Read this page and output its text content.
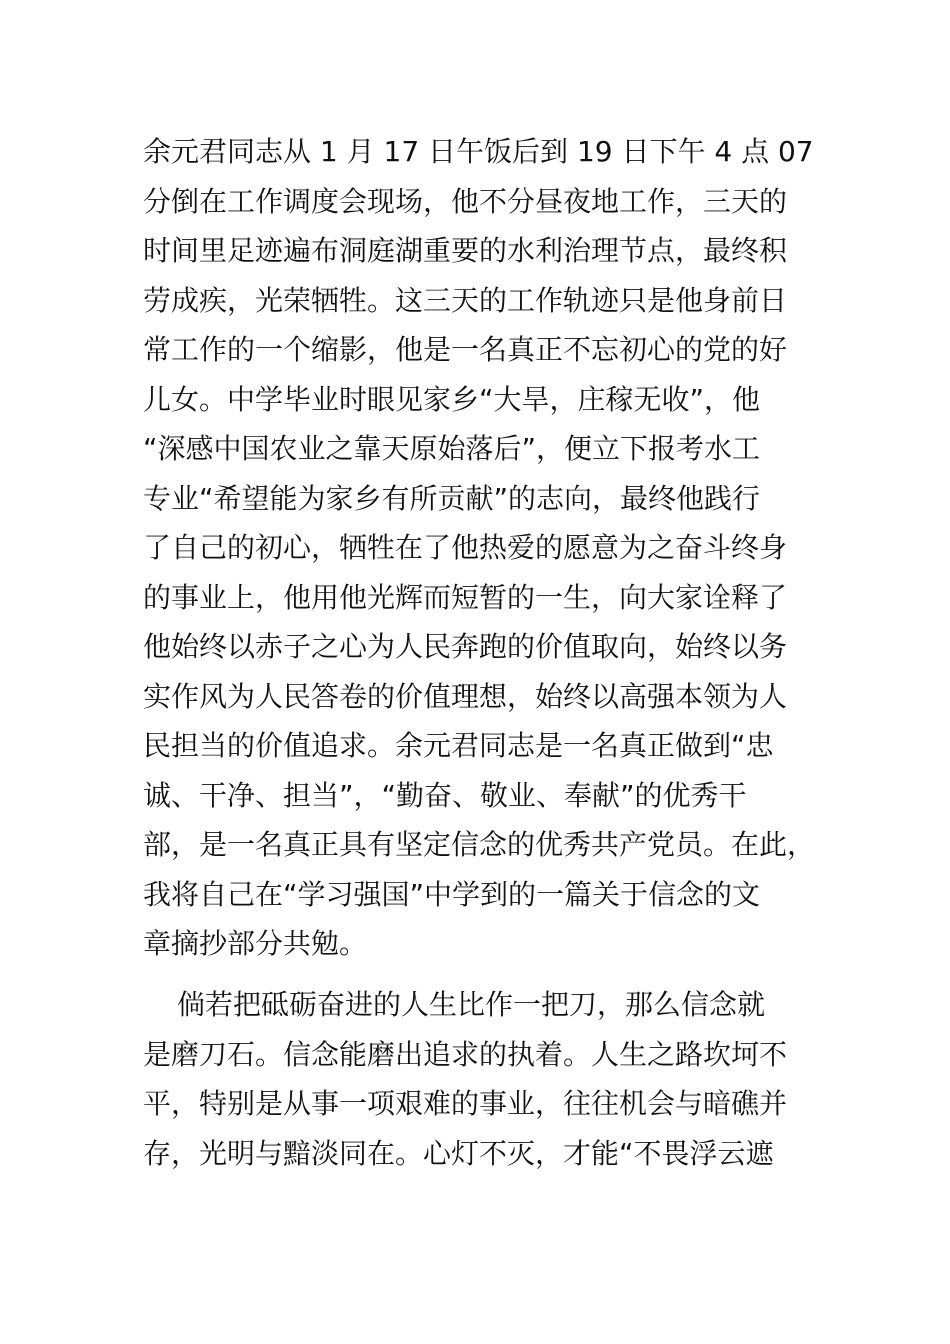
余元君同志从 1 月 17 日午饭后到 19 日下午 4 点 07
分倒在工作调度会现场，他不分昼夜地工作，三天的
时间里足迹遍布洞庭湖重要的水利治理节点，最终积
劳成疾，光荣牺牲。这三天的工作轨迹只是他身前日
常工作的一个缩影，他是一名真正不忘初心的党的好
儿女。中学毕业时眼见家乡“大旱，庄稼无收”，他
“深感中国农业之靠天原始落后”，便立下报考水工
专业“希望能为家乡有所贡献”的志向，最终他践行
了自己的初心，牺牲在了他热爱的愿意为之奋斗终身
的事业上，他用他光辉而短暂的一生，向大家诠释了
他始终以赤子之心为人民奔跑的价值取向，始终以务
实作风为人民答卷的价值理想，始终以高强本领为人
民担当的价值追求。余元君同志是一名真正做到“忠
诚、干净、担当”，“勤奋、敬业、奉献”的优秀干
部，是一名真正具有坚定信念的优秀共产党员。在此，
我将自己在“学习强国”中学到的一篇关于信念的文
章摘抄部分共勉。
倘若把砥砺奋进的人生比作一把刀，那么信念就
是磨刀石。信念能磨出追求的执着。人生之路坎坷不
平，特别是从事一项艰难的事业，往往机会与暗礁并
存，光明与黯淡同在。心灯不灭，才能“不畏浮云遮
